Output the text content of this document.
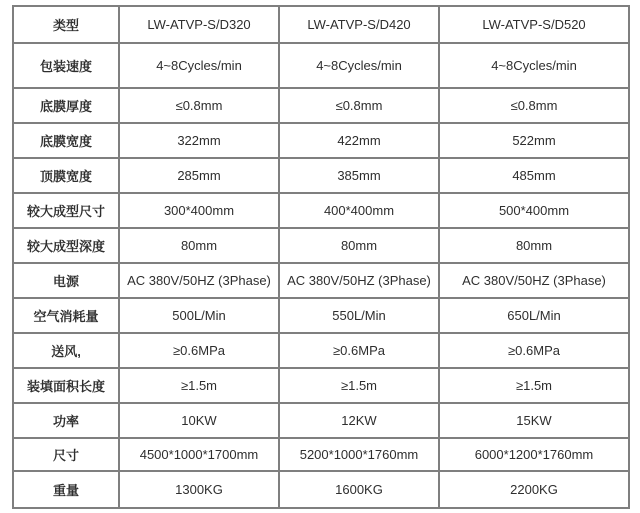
类型	LW-ATVP-S/D320	LW-ATVP-S/D420	LW-ATVP-S/D520
包装速度	4~8Cycles/min	4~8Cycles/min	4~8Cycles/min
底膜厚度	≤0.8mm	≤0.8mm	≤0.8mm
底膜宽度	322mm	422mm	522mm
顶膜宽度	285mm	385mm	485mm
较大成型尺寸	300*400mm	400*400mm	500*400mm
较大成型深度	80mm	80mm	80mm
电源	AC 380V/50HZ (3Phase)	AC 380V/50HZ (3Phase)	AC 380V/50HZ (3Phase)
空气消耗量	500L/Min	550L/Min	650L/Min
送风,	≥0.6MPa	≥0.6MPa	≥0.6MPa
装填面积长度	≥1.5m	≥1.5m	≥1.5m
功率	10KW	12KW	15KW
尺寸	4500*1000*1700mm	5200*1000*1760mm	6000*1200*1760mm
重量	1300KG	1600KG	2200KG
